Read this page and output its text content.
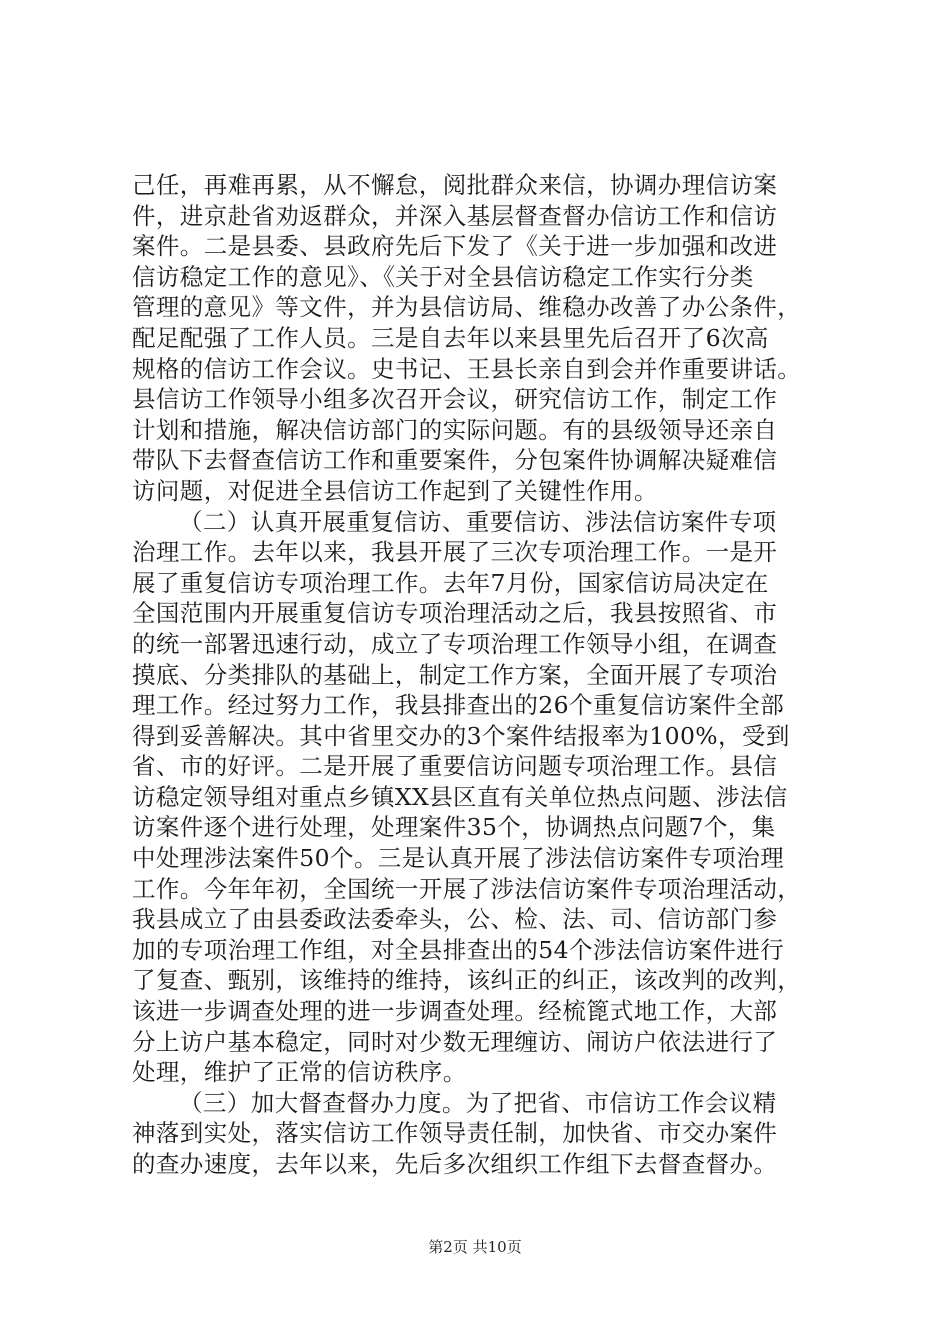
己任，再难再累，从不懈怠，阅批群众来信，协调办理信访案
件，进京赴省劝返群众，并深入基层督查督办信访工作和信访
案件。二是县委、县政府先后下发了《关于进一步加强和改进
信访稳定工作的意见》、《关于对全县信访稳定工作实行分类
管理的意见》等文件，并为县信访局、维稳办改善了办公条件，
配足配强了工作人员。三是自去年以来县里先后召开了6次高
规格的信访工作会议。史书记、王县长亲自到会并作重要讲话。
县信访工作领导小组多次召开会议，研究信访工作，制定工作
计划和措施，解决信访部门的实际问题。有的县级领导还亲自
带队下去督查信访工作和重要案件，分包案件协调解决疑难信
访问题，对促进全县信访工作起到了关键性作用。
（二）认真开展重复信访、重要信访、涉法信访案件专项
治理工作。去年以来，我县开展了三次专项治理工作。一是开
展了重复信访专项治理工作。去年7月份，国家信访局决定在
全国范围内开展重复信访专项治理活动之后，我县按照省、市
的统一部署迅速行动，成立了专项治理工作领导小组，在调查
摸底、分类排队的基础上，制定工作方案，全面开展了专项治
理工作。经过努力工作，我县排查出的26个重复信访案件全部
得到妥善解决。其中省里交办的3个案件结报率为100%，受到
省、市的好评。二是开展了重要信访问题专项治理工作。县信
访稳定领导组对重点乡镇XX县区直有关单位热点问题、涉法信
访案件逐个进行处理，处理案件35个，协调热点问题7个，集
中处理涉法案件50个。三是认真开展了涉法信访案件专项治理
工作。今年年初，全国统一开展了涉法信访案件专项治理活动，
我县成立了由县委政法委牵头，公、检、法、司、信访部门参
加的专项治理工作组，对全县排查出的54个涉法信访案件进行
了复查、甄别，该维持的维持，该纠正的纠正，该改判的改判，
该进一步调查处理的进一步调查处理。经梳篦式地工作，大部
分上访户基本稳定，同时对少数无理缠访、闹访户依法进行了
处理，维护了正常的信访秩序。
（三）加大督查督办力度。为了把省、市信访工作会议精
神落到实处，落实信访工作领导责任制，加快省、市交办案件
的查办速度，去年以来，先后多次组织工作组下去督查督办。
第2页 共10页
